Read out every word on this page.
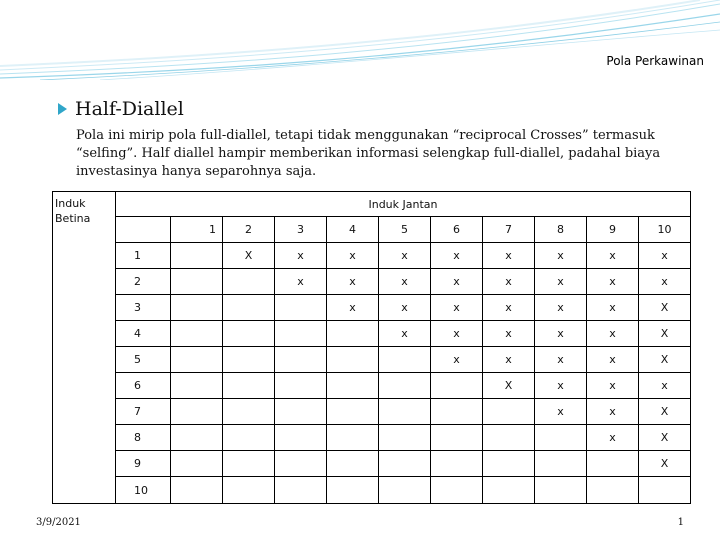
Pola Perkawinan
Half-Diallel
Pola ini mirip pola full-diallel, tetapi tidak menggunakan “reciprocal Crosses” termasuk “selfing”. Half diallel hampir memberikan informasi selengkap full-diallel, padahal biaya investasinya hanya separohnya saja.
Induk
Betina	Induk Jantan										
		1	2	3	4	5	6	7	8	9	10
	1		X	x	x	x	x	x	x	x	x
	2			x	x	x	x	x	x	x	x
	3				x	x	x	x	x	x	X
	4					x	x	x	x	x	X
	5						x	x	x	x	X
	6							X	x	x	x
	7								x	x	X
	8									x	X
	9										X
	10										
3/9/2021	1
